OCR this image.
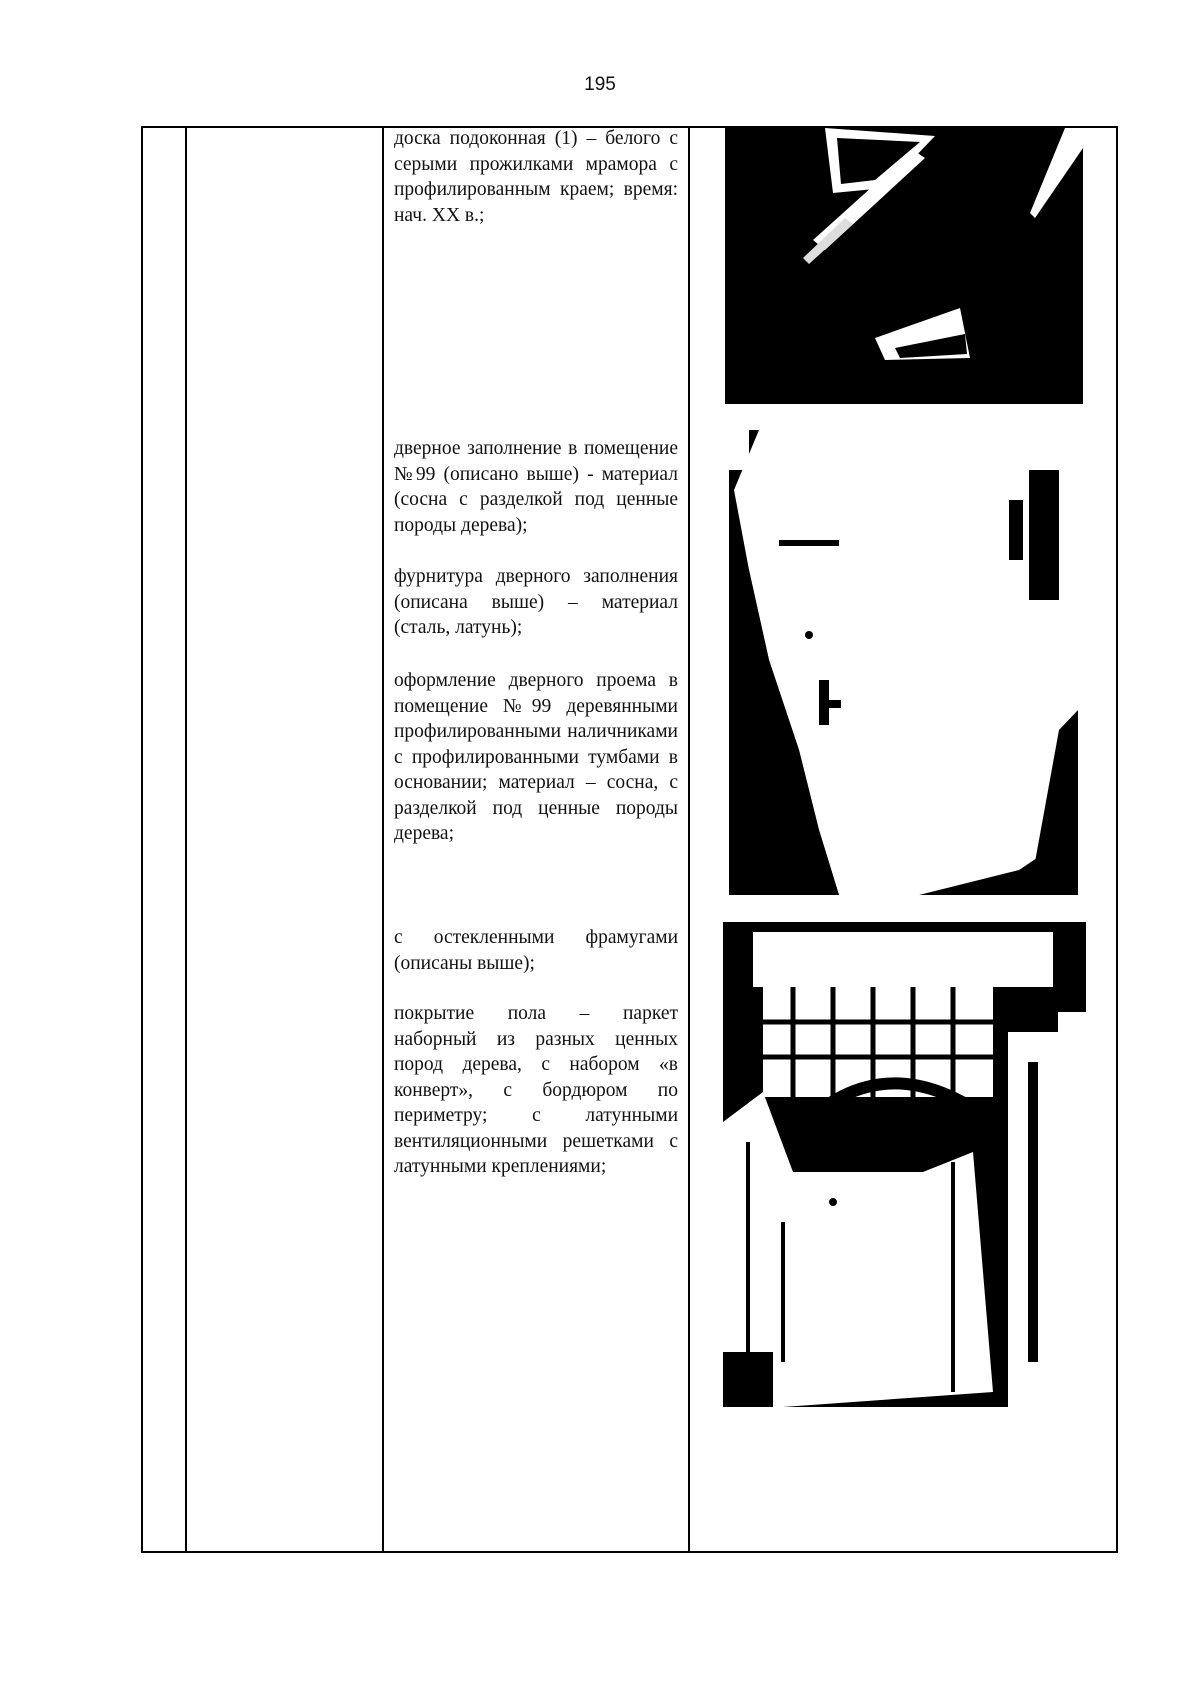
195

доска подоконная (1) – белого с серыми прожилками мрамора с профилированным краем; время: нач. XX в.;

дверное заполнение в помещение №99 (описано выше) - материал (сосна с разделкой под ценные породы дерева);

фурнитура дверного заполнения (описана выше) – материал (сталь, латунь);

оформление дверного проема в помещение №99 деревянными профилированными наличниками с профилированными тумбами в основании; материал – сосна, с разделкой под ценные породы дерева;

с остекленными фрамугами (описаны выше);

покрытие пола – паркет наборный из разных ценных пород дерева, с набором «в конверт», с бордюром по периметру; с латунными вентиляционными решетками с латунными креплениями;
